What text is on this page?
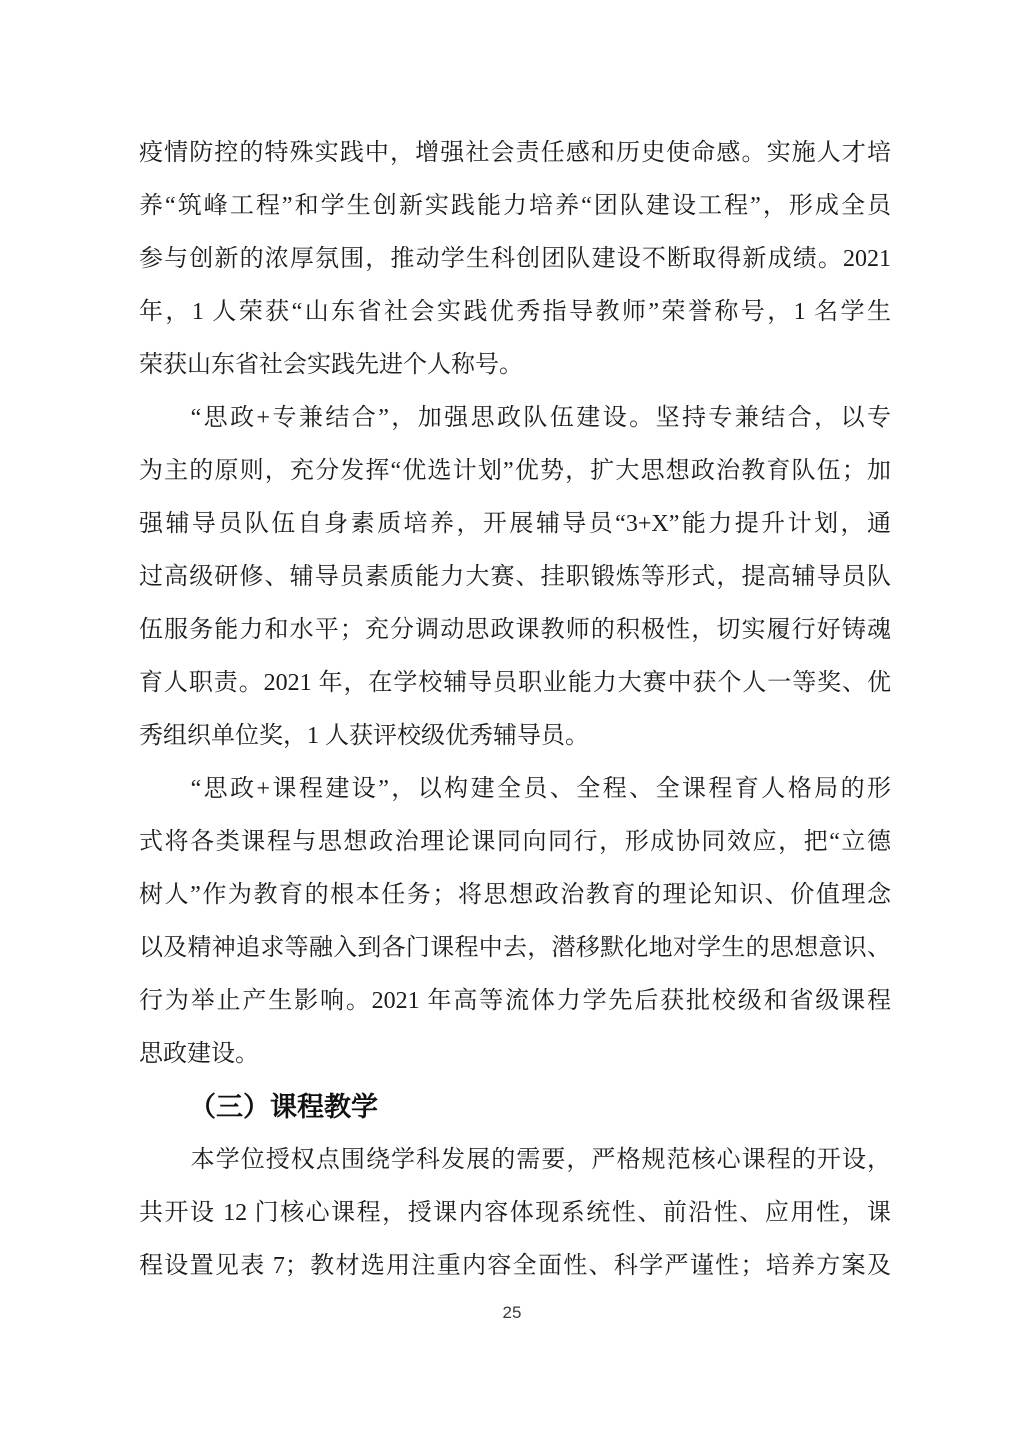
疫情防控的特殊实践中，增强社会责任感和历史使命感。实施人才培
养“筑峰工程”和学生创新实践能力培养“团队建设工程”，形成全员
参与创新的浓厚氛围，推动学生科创团队建设不断取得新成绩。2021
年，1 人荣获“山东省社会实践优秀指导教师”荣誉称号，1 名学生
荣获山东省社会实践先进个人称号。
“思政+专兼结合”，加强思政队伍建设。坚持专兼结合，以专
为主的原则，充分发挥“优选计划”优势，扩大思想政治教育队伍；加
强辅导员队伍自身素质培养，开展辅导员“3+X”能力提升计划，通
过高级研修、辅导员素质能力大赛、挂职锻炼等形式，提高辅导员队
伍服务能力和水平；充分调动思政课教师的积极性，切实履行好铸魂
育人职责。2021 年，在学校辅导员职业能力大赛中获个人一等奖、优
秀组织单位奖，1 人获评校级优秀辅导员。
“思政+课程建设”，以构建全员、全程、全课程育人格局的形
式将各类课程与思想政治理论课同向同行，形成协同效应，把“立德
树人”作为教育的根本任务；将思想政治教育的理论知识、价值理念
以及精神追求等融入到各门课程中去，潜移默化地对学生的思想意识、
行为举止产生影响。2021 年高等流体力学先后获批校级和省级课程
思政建设。
（三）课程教学
本学位授权点围绕学科发展的需要，严格规范核心课程的开设，
共开设 12 门核心课程，授课内容体现系统性、前沿性、应用性，课
程设置见表 7；教材选用注重内容全面性、科学严谨性；培养方案及
25
